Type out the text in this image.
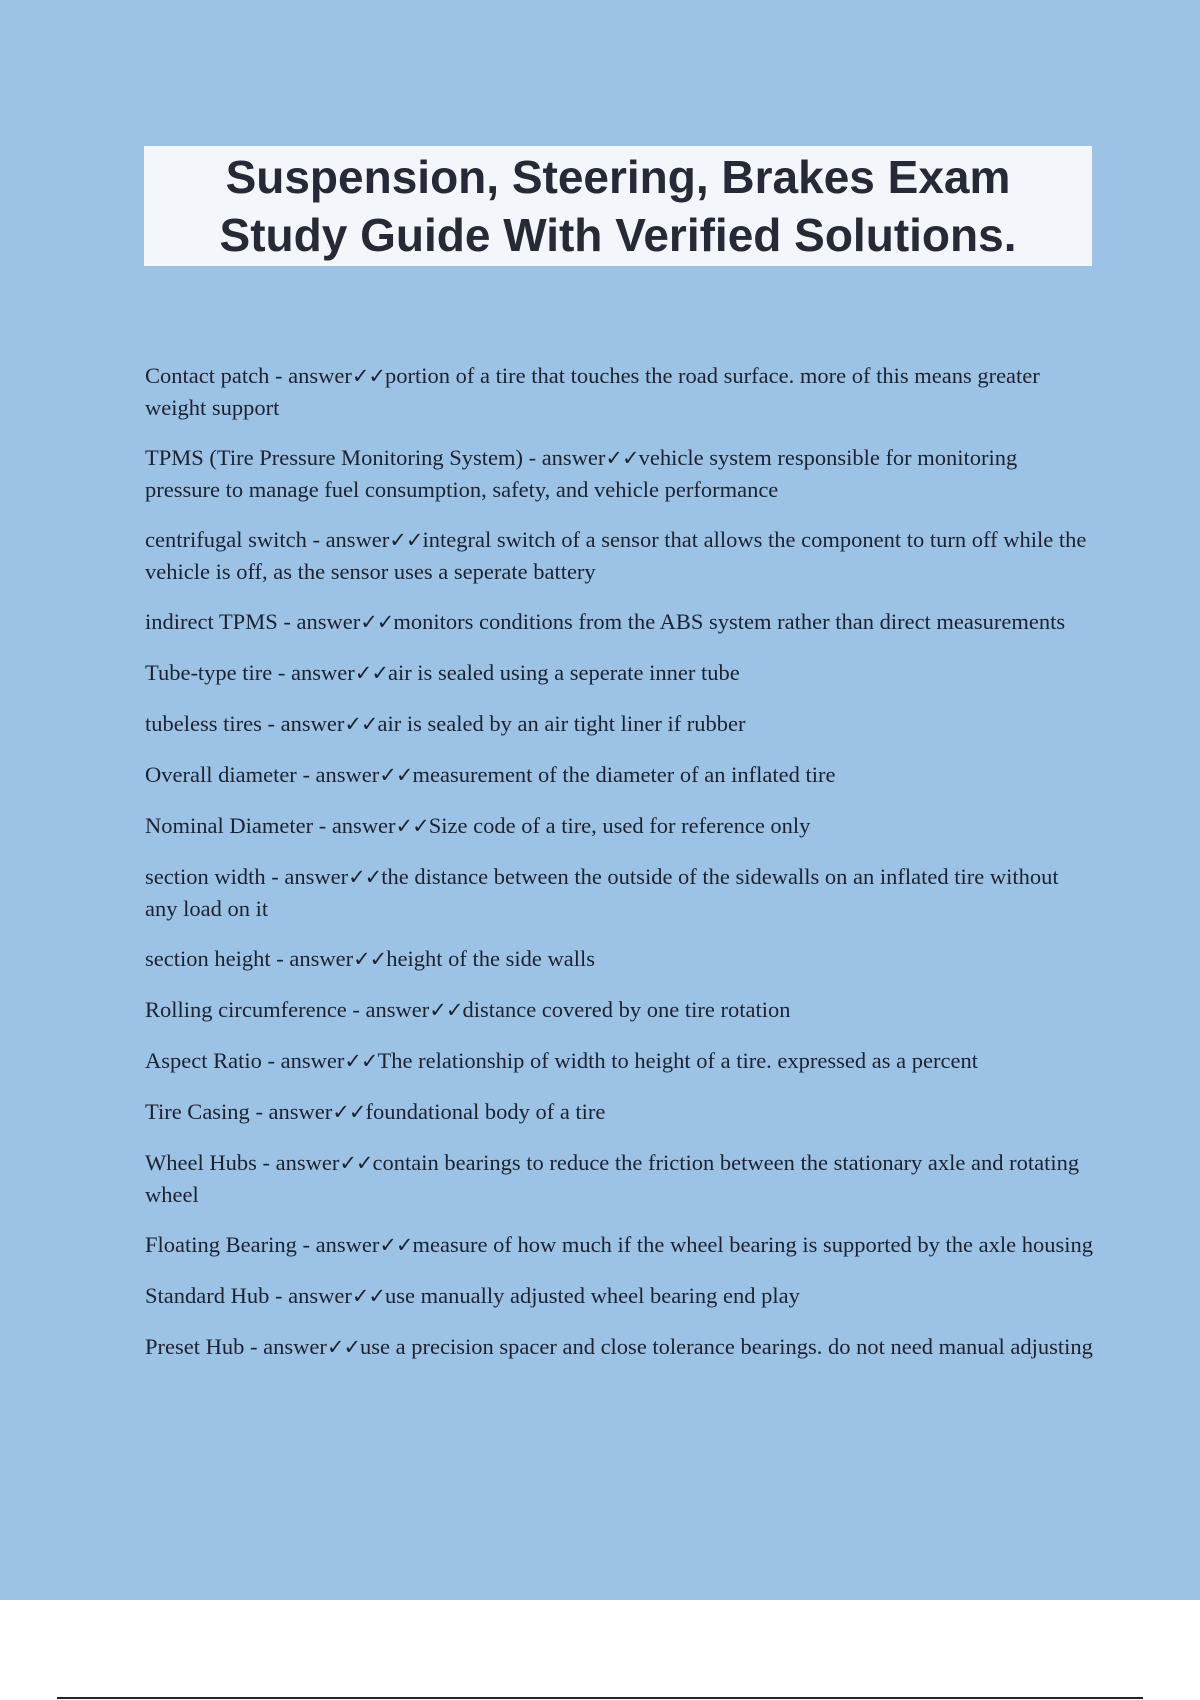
Suspension, Steering, Brakes Exam
Study Guide With Verified Solutions.
Contact patch - answer✓✓portion of a tire that touches the road surface. more of this means greater weight support
TPMS (Tire Pressure Monitoring System) - answer✓✓vehicle system responsible for monitoring pressure to manage fuel consumption, safety, and vehicle performance
centrifugal switch - answer✓✓integral switch of a sensor that allows the component to turn off while the vehicle is off, as the sensor uses a seperate battery
indirect TPMS - answer✓✓monitors conditions from the ABS system rather than direct measurements
Tube-type tire - answer✓✓air is sealed using a seperate inner tube
tubeless tires - answer✓✓air is sealed by an air tight liner if rubber
Overall diameter - answer✓✓measurement of the diameter of an inflated tire
Nominal Diameter - answer✓✓Size code of a tire, used for reference only
section width - answer✓✓the distance between the outside of the sidewalls on an inflated tire without any load on it
section height - answer✓✓height of the side walls
Rolling circumference - answer✓✓distance covered by one tire rotation
Aspect Ratio - answer✓✓The relationship of width to height of a tire. expressed as a percent
Tire Casing - answer✓✓foundational body of a tire
Wheel Hubs - answer✓✓contain bearings to reduce the friction between the stationary axle and rotating wheel
Floating Bearing - answer✓✓measure of how much if the wheel bearing is supported by the axle housing
Standard Hub - answer✓✓use manually adjusted wheel bearing end play
Preset Hub - answer✓✓use a precision spacer and close tolerance bearings. do not need manual adjusting
